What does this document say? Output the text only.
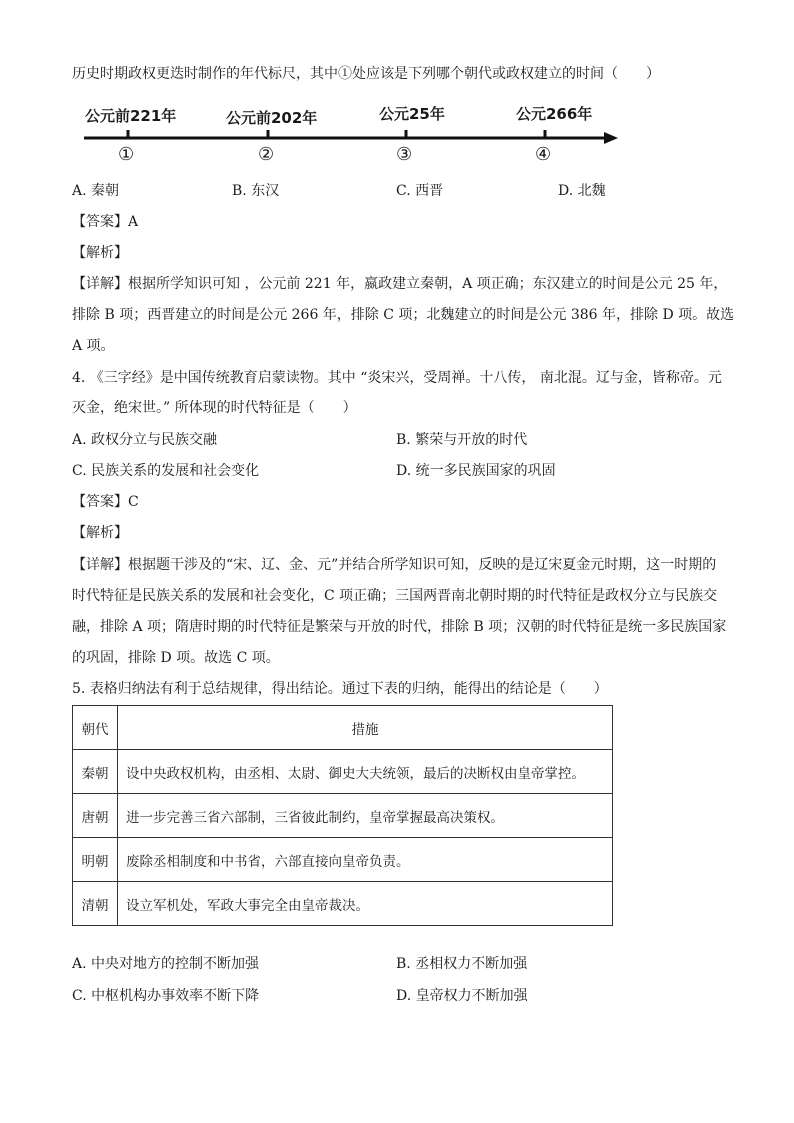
历史时期政权更迭时制作的年代标尺，其中①处应该是下列哪个朝代或政权建立的时间（　　）
公元前221年	公元前202年	公元25年	公元266年
①	②	③	④
A. 秦朝	B. 东汉	C. 西晋	D. 北魏
【答案】A
【解析】
【详解】根据所学知识可知 ，公元前 221 年，嬴政建立秦朝，A 项正确；东汉建立的时间是公元 25 年，
排除 B 项；西晋建立的时间是公元 266 年，排除 C 项；北魏建立的时间是公元 386 年，排除 D 项。故选
A 项。
4. 《三字经》是中国传统教育启蒙读物。其中 “炎宋兴，受周禅。十八传， 南北混。辽与金，皆称帝。元
灭金，绝宋世。” 所体现的时代特征是（　　）
A. 政权分立与民族交融	B. 繁荣与开放的时代
C. 民族关系的发展和社会变化	D. 统一多民族国家的巩固
【答案】C
【解析】
【详解】根据题干涉及的“宋、辽、金、元”并结合所学知识可知，反映的是辽宋夏金元时期，这一时期的
时代特征是民族关系的发展和社会变化，C 项正确；三国两晋南北朝时期的时代特征是政权分立与民族交
融，排除 A 项；隋唐时期的时代特征是繁荣与开放的时代，排除 B 项；汉朝的时代特征是统一多民族国家
的巩固，排除 D 项。故选 C 项。
5. 表格归纳法有利于总结规律，得出结论。通过下表的归纳，能得出的结论是（　　）
朝代	措施
秦朝	设中央政权机构，由丞相、太尉、御史大夫统领，最后的决断权由皇帝掌控。
唐朝	进一步完善三省六部制，三省彼此制约，皇帝掌握最高决策权。
明朝	废除丞相制度和中书省，六部直接向皇帝负责。
清朝	设立军机处，军政大事完全由皇帝裁决。
A. 中央对地方的控制不断加强	B. 丞相权力不断加强
C. 中枢机构办事效率不断下降	D. 皇帝权力不断加强
